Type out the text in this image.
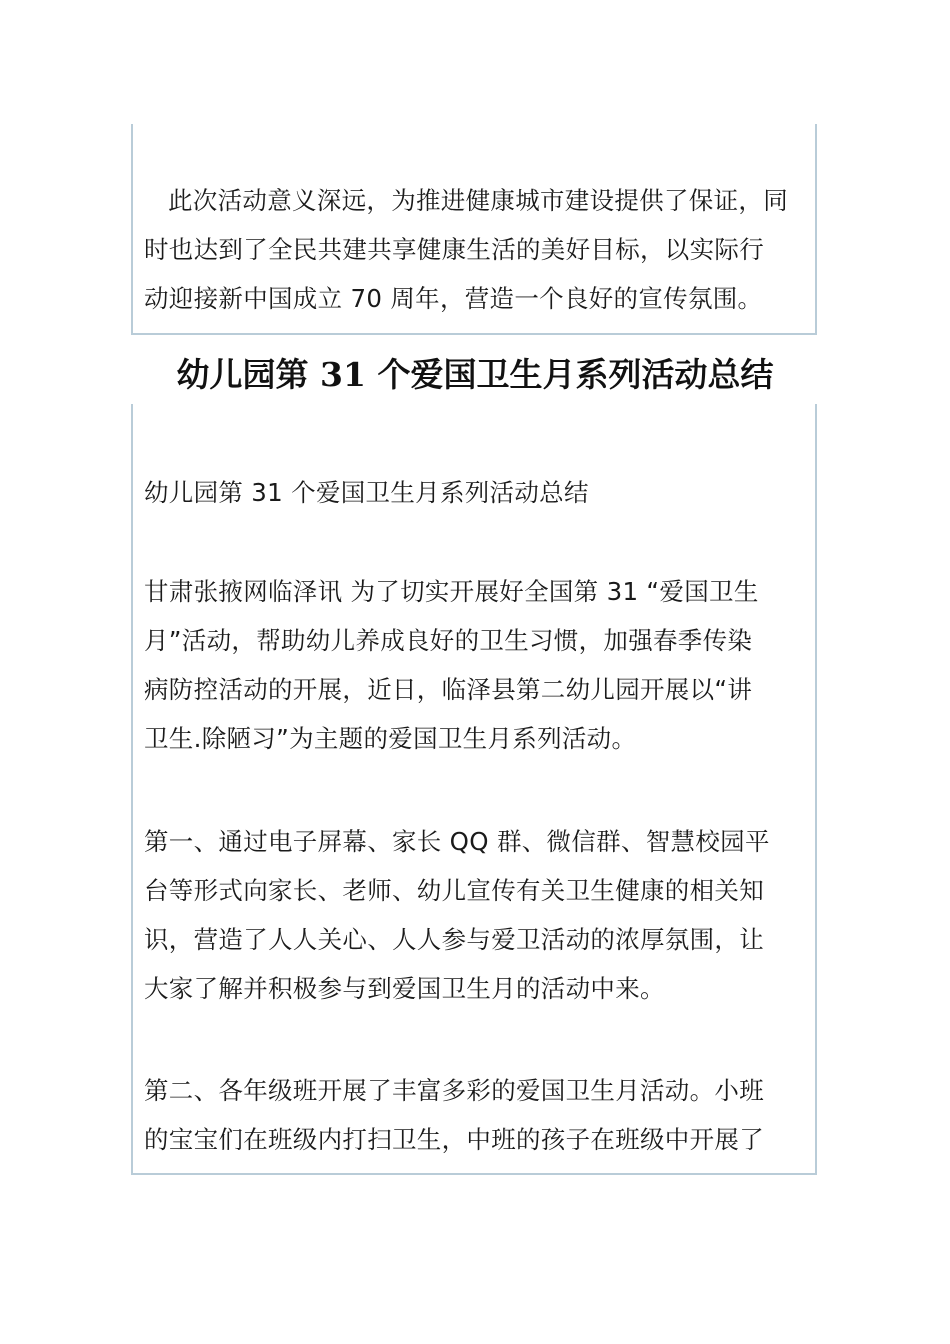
此次活动意义深远，为推进健康城市建设提供了保证，同
时也达到了全民共建共享健康生活的美好目标，以实际行
动迎接新中国成立 70 周年，营造一个良好的宣传氛围。

幼儿园第 31 个爱国卫生月系列活动总结

幼儿园第 31 个爱国卫生月系列活动总结

甘肃张掖网临泽讯 为了切实开展好全国第 31 “爱国卫生
月”活动，帮助幼儿养成良好的卫生习惯，加强春季传染
病防控活动的开展，近日，临泽县第二幼儿园开展以“讲
卫生.除陋习”为主题的爱国卫生月系列活动。

第一、通过电子屏幕、家长 QQ 群、微信群、智慧校园平
台等形式向家长、老师、幼儿宣传有关卫生健康的相关知
识，营造了人人关心、人人参与爱卫活动的浓厚氛围，让
大家了解并积极参与到爱国卫生月的活动中来。

第二、各年级班开展了丰富多彩的爱国卫生月活动。小班
的宝宝们在班级内打扫卫生，中班的孩子在班级中开展了
